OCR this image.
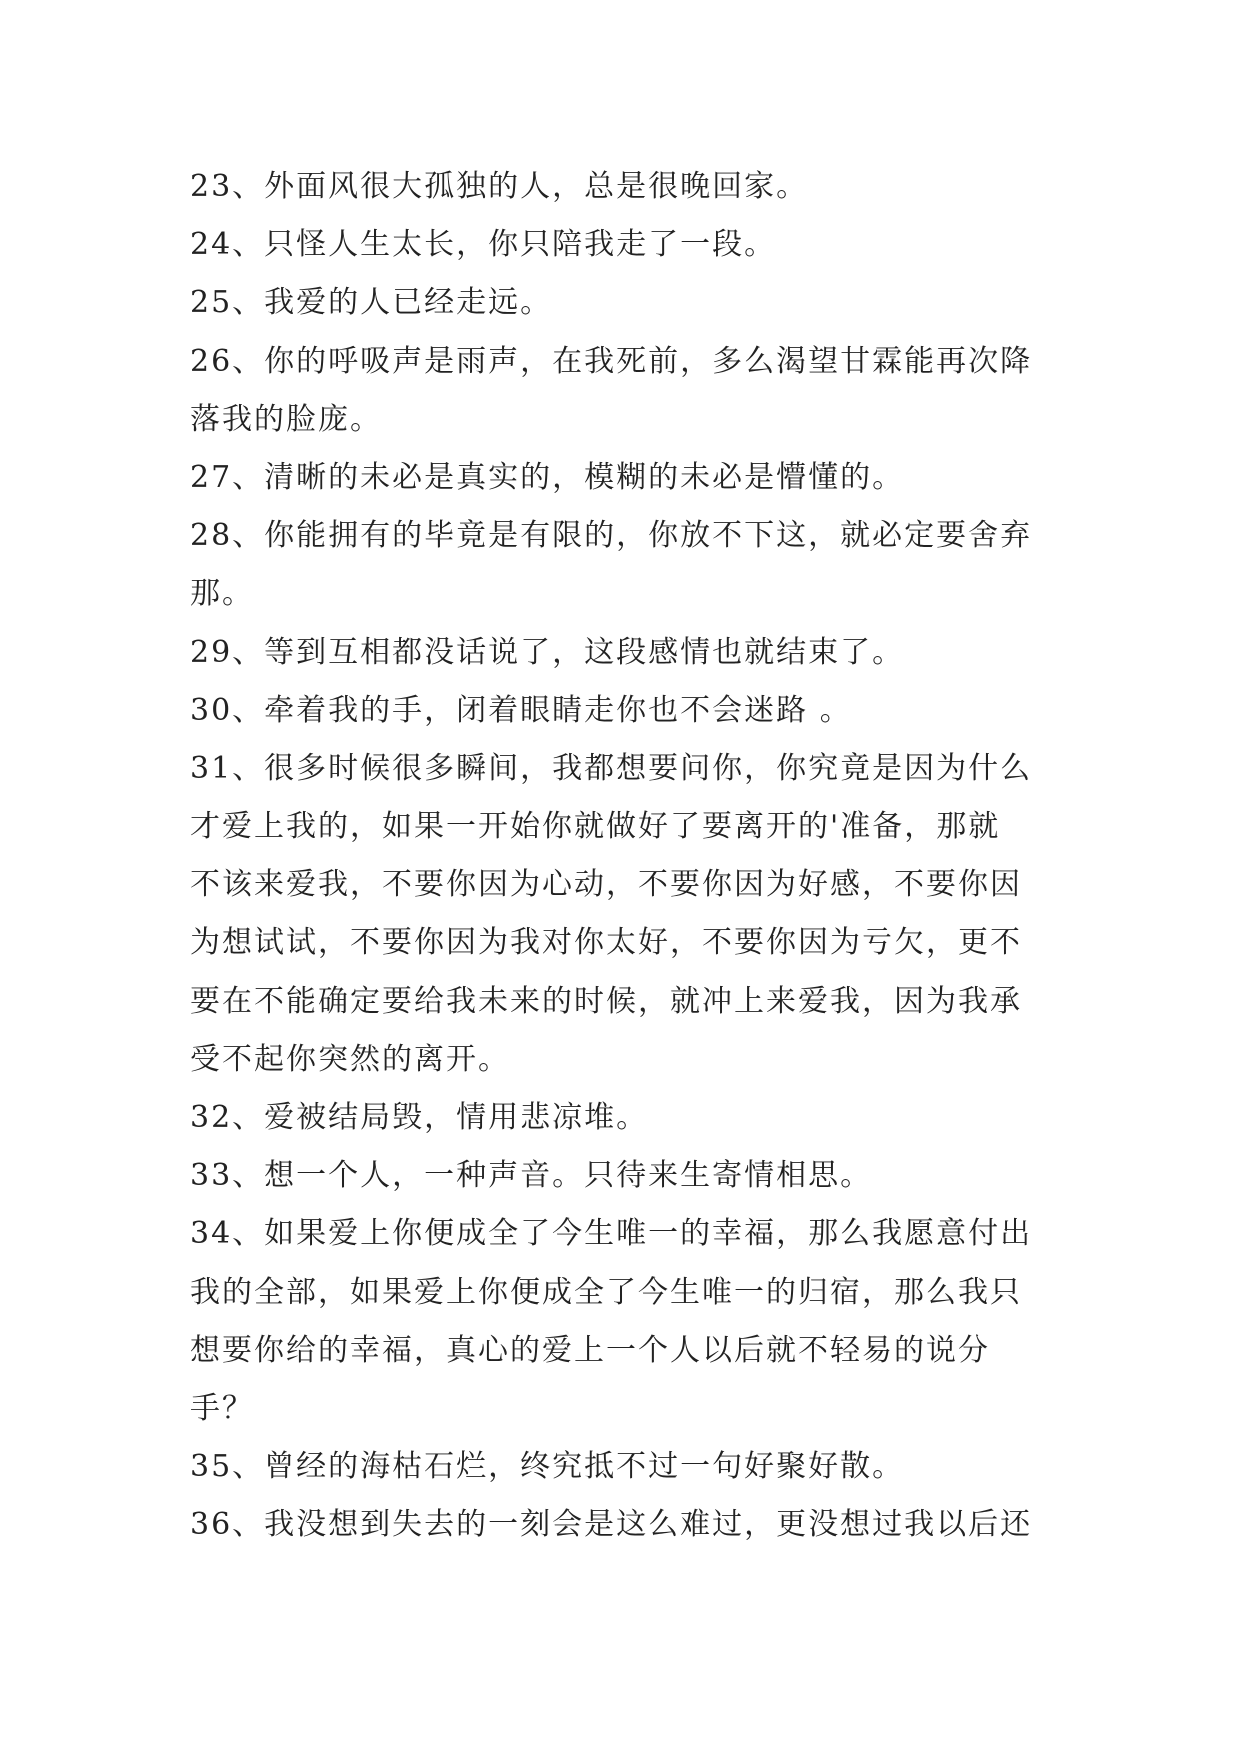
23、外面风很大孤独的人，总是很晚回家。
24、只怪人生太长，你只陪我走了一段。
25、我爱的人已经走远。
26、你的呼吸声是雨声，在我死前，多么渴望甘霖能再次降
落我的脸庞。
27、清晰的未必是真实的，模糊的未必是懵懂的。
28、你能拥有的毕竟是有限的，你放不下这，就必定要舍弃
那。
29、等到互相都没话说了，这段感情也就结束了。
30、牵着我的手，闭着眼睛走你也不会迷路 。
31、很多时候很多瞬间，我都想要问你，你究竟是因为什么
才爱上我的，如果一开始你就做好了要离开的'准备，那就
不该来爱我，不要你因为心动，不要你因为好感，不要你因
为想试试，不要你因为我对你太好，不要你因为亏欠，更不
要在不能确定要给我未来的时候，就冲上来爱我，因为我承
受不起你突然的离开。
32、爱被结局毁，情用悲凉堆。
33、想一个人，一种声音。只待来生寄情相思。
34、如果爱上你便成全了今生唯一的幸福，那么我愿意付出
我的全部，如果爱上你便成全了今生唯一的归宿，那么我只
想要你给的幸福，真心的爱上一个人以后就不轻易的说分
手？
35、曾经的海枯石烂，终究抵不过一句好聚好散。
36、我没想到失去的一刻会是这么难过，更没想过我以后还
